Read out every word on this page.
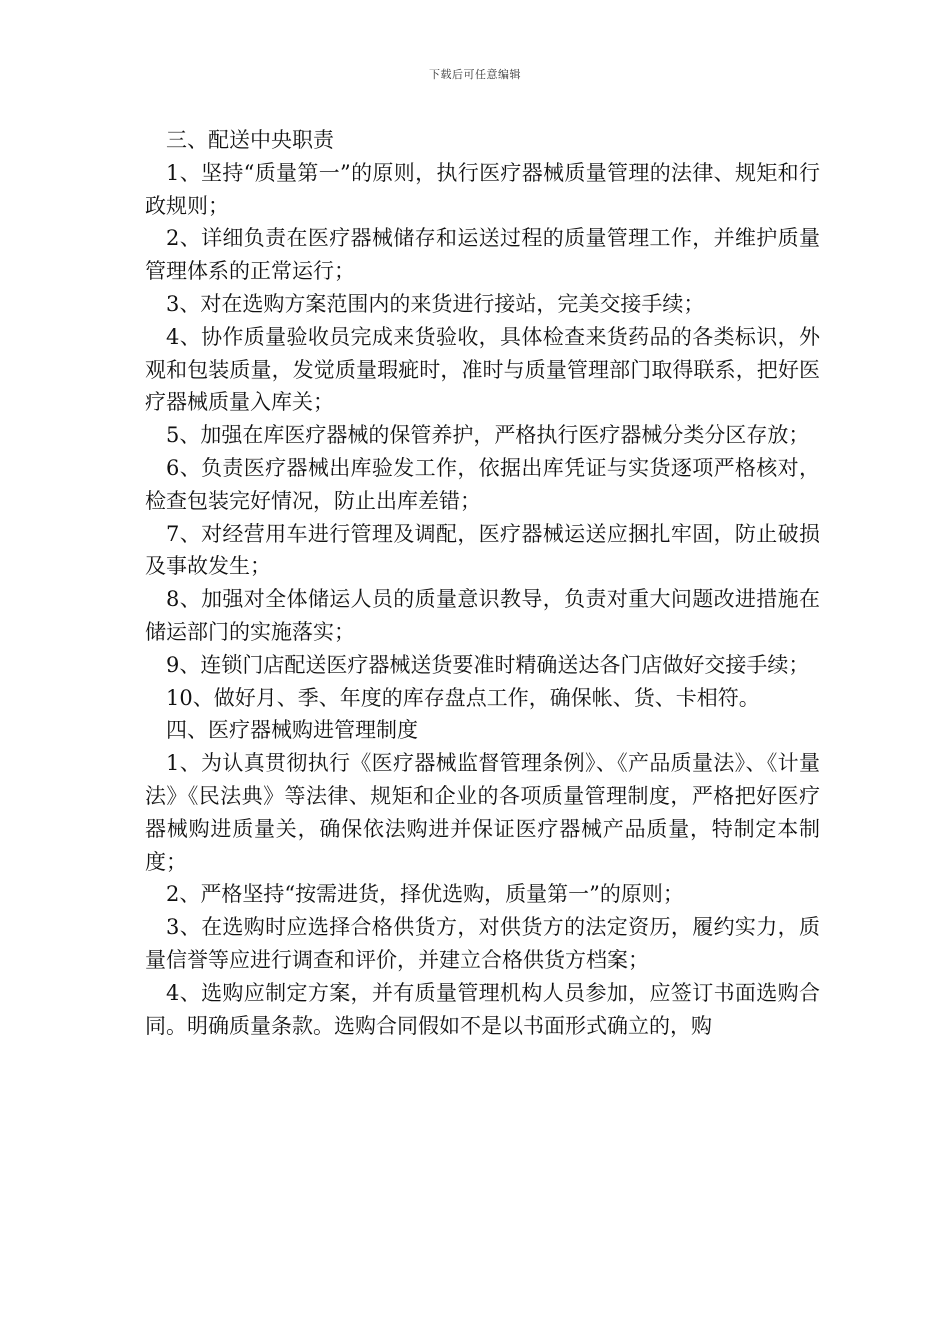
下载后可任意编辑

三、配送中央职责

1、坚持“质量第一”的原则，执行医疗器械质量管理的法律、规矩和行政规则；

2、详细负责在医疗器械储存和运送过程的质量管理工作，并维护质量管理体系的正常运行；

3、对在选购方案范围内的来货进行接站，完美交接手续；

4、协作质量验收员完成来货验收，具体检查来货药品的各类标识，外观和包装质量，发觉质量瑕疵时，准时与质量管理部门取得联系，把好医疗器械质量入库关；

5、加强在库医疗器械的保管养护，严格执行医疗器械分类分区存放；

6、负责医疗器械出库验发工作，依据出库凭证与实货逐项严格核对，检查包装完好情况，防止出库差错；

7、对经营用车进行管理及调配，医疗器械运送应捆扎牢固，防止破损及事故发生；

8、加强对全体储运人员的质量意识教导，负责对重大问题改进措施在储运部门的实施落实；

9、连锁门店配送医疗器械送货要准时精确送达各门店做好交接手续；

10、做好月、季、年度的库存盘点工作，确保帐、货、卡相符。

四、医疗器械购进管理制度

1、为认真贯彻执行《医疗器械监督管理条例》、《产品质量法》、《计量法》《民法典》等法律、规矩和企业的各项质量管理制度，严格把好医疗器械购进质量关，确保依法购进并保证医疗器械产品质量，特制定本制度；

2、严格坚持“按需进货，择优选购，质量第一”的原则；

3、在选购时应选择合格供货方，对供货方的法定资历，履约实力，质量信誉等应进行调查和评价，并建立合格供货方档案；

4、选购应制定方案，并有质量管理机构人员参加，应签订书面选购合同。明确质量条款。选购合同假如不是以书面形式确立的，购
